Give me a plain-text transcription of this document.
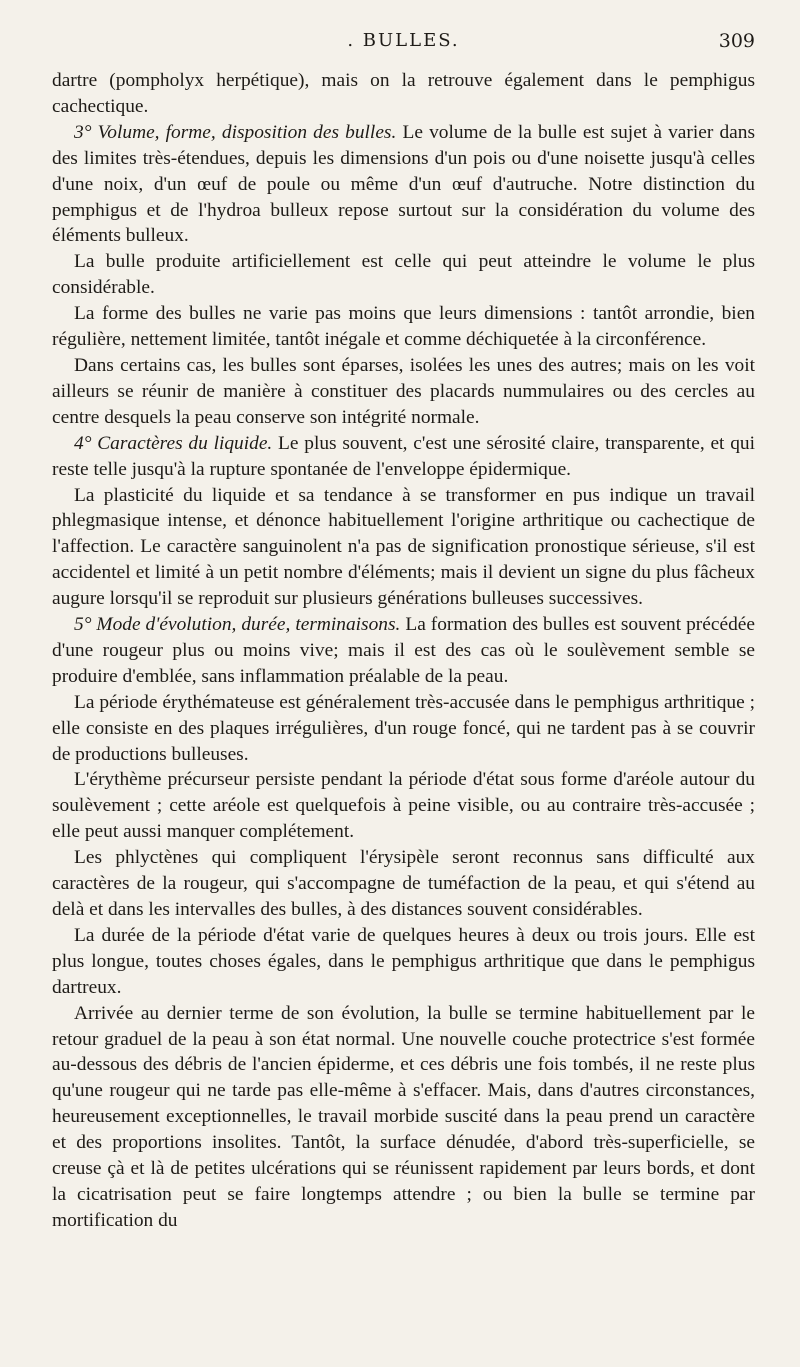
. BULLES.	309

dartre (pompholyx herpétique), mais on la retrouve également dans le pemphigus cachectique.

3° Volume, forme, disposition des bulles. Le volume de la bulle est sujet à varier dans des limites très-étendues, depuis les dimensions d'un pois ou d'une noisette jusqu'à celles d'une noix, d'un œuf de poule ou même d'un œuf d'autruche. Notre distinction du pemphigus et de l'hydroa bulleux repose surtout sur la considération du volume des éléments bulleux.

La bulle produite artificiellement est celle qui peut atteindre le volume le plus considérable.

La forme des bulles ne varie pas moins que leurs dimensions : tantôt arrondie, bien régulière, nettement limitée, tantôt inégale et comme déchiquetée à la circonférence.

Dans certains cas, les bulles sont éparses, isolées les unes des autres; mais on les voit ailleurs se réunir de manière à constituer des placards nummulaires ou des cercles au centre desquels la peau conserve son intégrité normale.

4° Caractères du liquide. Le plus souvent, c'est une sérosité claire, transparente, et qui reste telle jusqu'à la rupture spontanée de l'enveloppe épidermique.

La plasticité du liquide et sa tendance à se transformer en pus indique un travail phlegmasique intense, et dénonce habituellement l'origine arthritique ou cachectique de l'affection. Le caractère sanguinolent n'a pas de signification pronostique sérieuse, s'il est accidentel et limité à un petit nombre d'éléments; mais il devient un signe du plus fâcheux augure lorsqu'il se reproduit sur plusieurs générations bulleuses successives.

5° Mode d'évolution, durée, terminaisons. La formation des bulles est souvent précédée d'une rougeur plus ou moins vive; mais il est des cas où le soulèvement semble se produire d'emblée, sans inflammation préalable de la peau.

La période érythémateuse est généralement très-accusée dans le pemphigus arthritique ; elle consiste en des plaques irrégulières, d'un rouge foncé, qui ne tardent pas à se couvrir de productions bulleuses.

L'érythème précurseur persiste pendant la période d'état sous forme d'aréole autour du soulèvement ; cette aréole est quelquefois à peine visible, ou au contraire très-accusée ; elle peut aussi manquer complétement.

Les phlyctènes qui compliquent l'érysipèle seront reconnus sans difficulté aux caractères de la rougeur, qui s'accompagne de tuméfaction de la peau, et qui s'étend au delà et dans les intervalles des bulles, à des distances souvent considérables.

La durée de la période d'état varie de quelques heures à deux ou trois jours. Elle est plus longue, toutes choses égales, dans le pemphigus arthritique que dans le pemphigus dartreux.

Arrivée au dernier terme de son évolution, la bulle se termine habituellement par le retour graduel de la peau à son état normal. Une nouvelle couche protectrice s'est formée au-dessous des débris de l'ancien épiderme, et ces débris une fois tombés, il ne reste plus qu'une rougeur qui ne tarde pas elle-même à s'effacer. Mais, dans d'autres circonstances, heureusement exceptionnelles, le travail morbide suscité dans la peau prend un caractère et des proportions insolites. Tantôt, la surface dénudée, d'abord très-superficielle, se creuse çà et là de petites ulcérations qui se réunissent rapidement par leurs bords, et dont la cicatrisation peut se faire longtemps attendre ; ou bien la bulle se termine par mortification du
